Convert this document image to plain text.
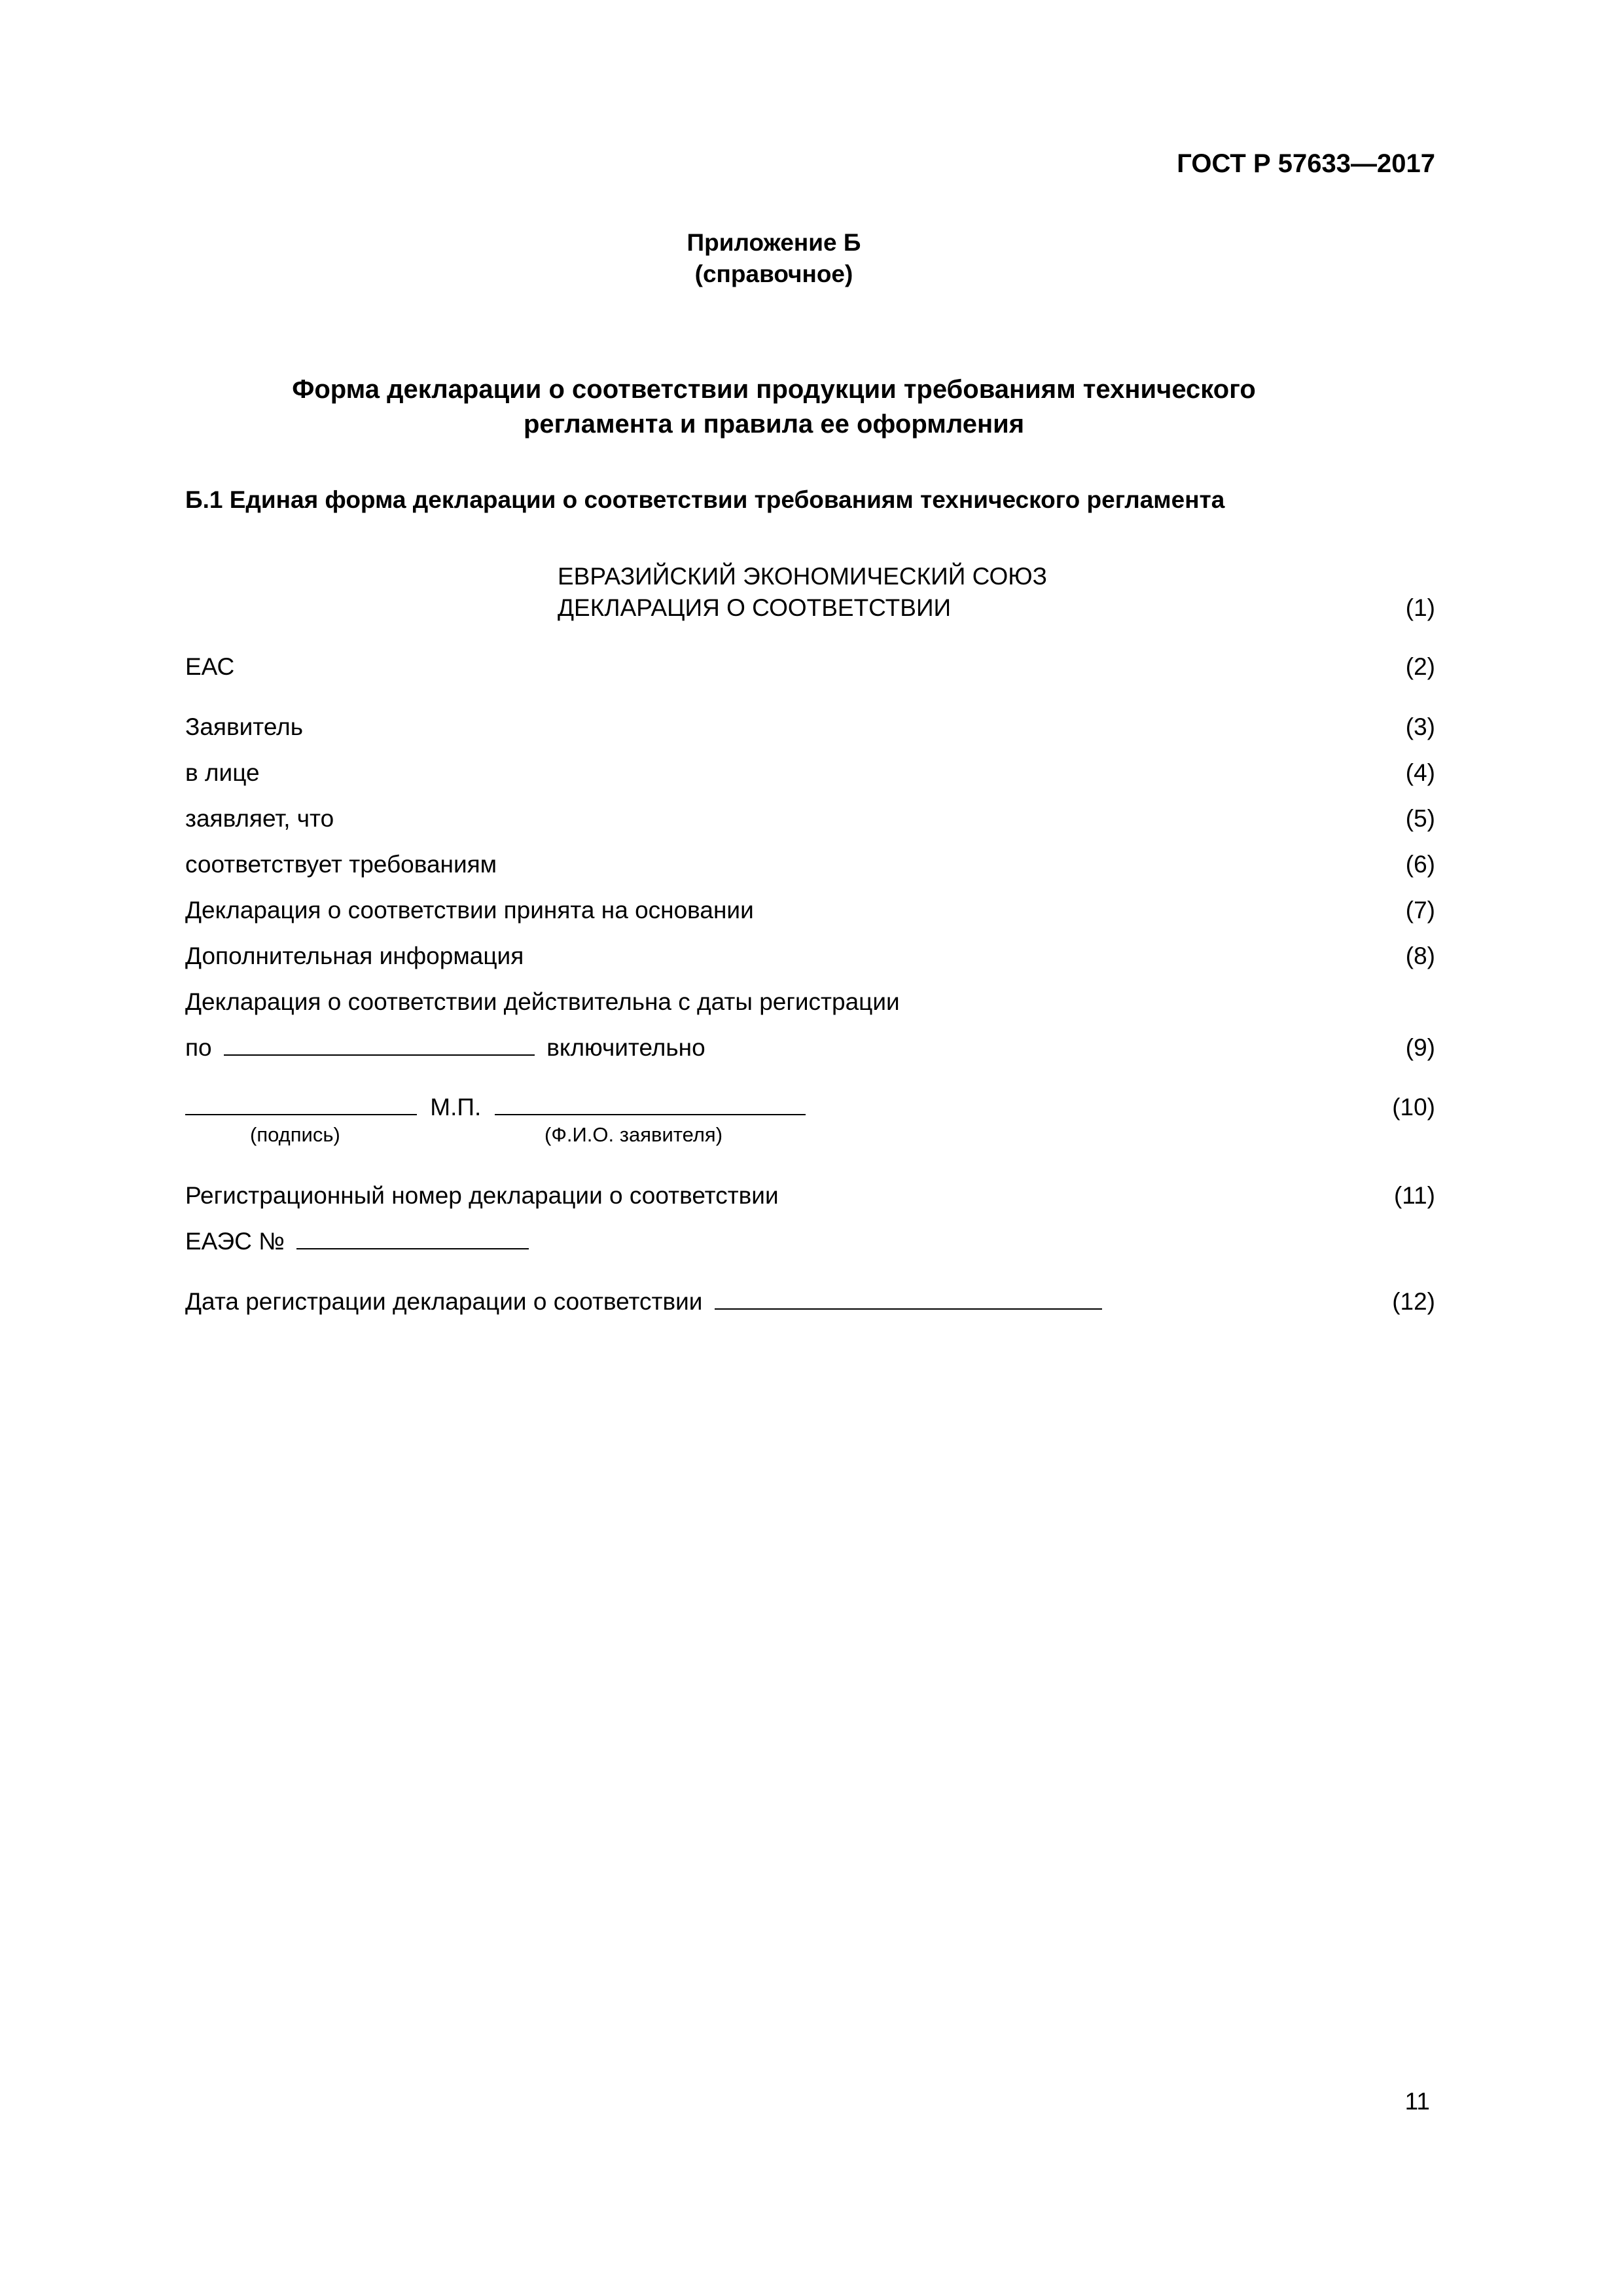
ГОСТ Р 57633—2017
Приложение Б
(справочное)
Форма декларации о соответствии продукции требованиям технического
регламента и правила ее оформления
Б.1 Единая форма декларации о соответствии требованиям технического регламента
ЕВРАЗИЙСКИЙ ЭКОНОМИЧЕСКИЙ СОЮЗ
ДЕКЛАРАЦИЯ О СООТВЕТСТВИИ	(1)
ЕАС	(2)
Заявитель	(3)
в лице	(4)
заявляет, что	(5)
соответствует требованиям	(6)
Декларация о соответствии принята на основании	(7)
Дополнительная информация	(8)
Декларация о соответствии действительна с даты регистрации
по	включительно	(9)
М.П.	(10)
(подпись)	(Ф.И.О. заявителя)
Регистрационный номер декларации о соответствии	(11)
ЕАЭС №
Дата регистрации декларации о соответствии	(12)
11
